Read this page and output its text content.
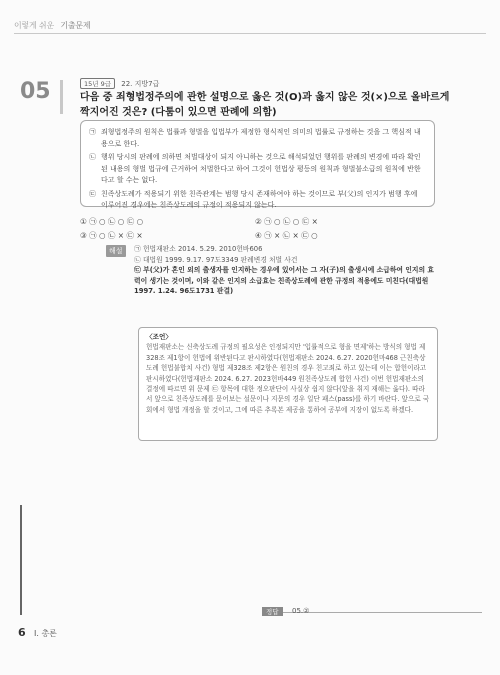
이렇게 쉬운 기출문제
05	15년 9급 22. 지방7급
다음 중 죄형법정주의에 관한 설명으로 옳은 것(O)과 옳지 않은 것(×)으로 올바르게 짝지어진 것은? (다툼이 있으면 판례에 의함)
㉠ 죄형법정주의 원칙은 법률과 형벌을 입법부가 제정한 형식적인 의미의 법률로 규정하는 것을 그 핵심적 내용으로 한다.
㉡ 행위 당시의 판례에 의하면 처벌대상이 되지 아니하는 것으로 해석되었던 행위를 판례의 변경에 따라 확인된 내용의 형벌 법규에 근거하여 처벌한다고 하여 그것이 헌법상 평등의 원칙과 형벌불소급의 원칙에 반한다고 할 수는 없다.
㉢ 친족상도례가 적용되기 위한 친족관계는 범행 당시 존재하여야 하는 것이므로 부(父)의 인지가 범행 후에 이루어진 경우에는 친족상도례의 규정이 적용되지 않는다.
① ㉠ ○ ㉡ ○ ㉢ ○	② ㉠ ○ ㉡ ○ ㉢ ×
③ ㉠ ○ ㉡ × ㉢ ×	④ ㉠ × ㉡ × ㉢ ○
해설	㉠ 헌법재판소 2014. 5.29. 2010헌바606
㉡ 대법원 1999. 9.17. 97도3349 판례변경 처벌 사건
㉢ 부(父)가 혼인 외의 출생자를 인지하는 경우에 있어서는 그 자(子)의 출생시에 소급하여 인지의 효력이 생기는 것이며, 이와 같은 인지의 소급효는 친족상도례에 관한 규정의 적용에도 미친다(대법원 1997. 1.24. 96도1731 판결)
〈조언〉
헌법재판소는 신축상도례 규정의 필요성은 인정되지만 '입률적으로 형을 면제'하는 방식의 형법 제328조 제1항이 헌법에 위반된다고 판시하였다(헌법재판소 2024. 6.27. 2020헌마468 근친축상도례 헌법불합치 사건) 형법 제328조 제2항은 원친의 경우 친고죄로 하고 있는데 이는 합헌이라고 판시하였다(헌법재판소 2024. 6.27. 2023헌바449 원친족상도례 합헌 사건) 이번 헌법재판소의 결정에 따르면 위 문제 ㉢ 항목에 대한 정오판단이 사실상 쉽지 않다(앞을 취지 재해는 옳다). 따라서 앞으로 친족상도례를 묻어보는 설문이나 지문의 경우 일단 패스(pass)를 하기 바란다. 앞으로 국회에서 형법 개정을 할 것이고, 그에 따른 추록본 제공을 통하여 공부에 지장이 없도록 하겠다.
정답	05.②
6 Ⅰ. 총론
